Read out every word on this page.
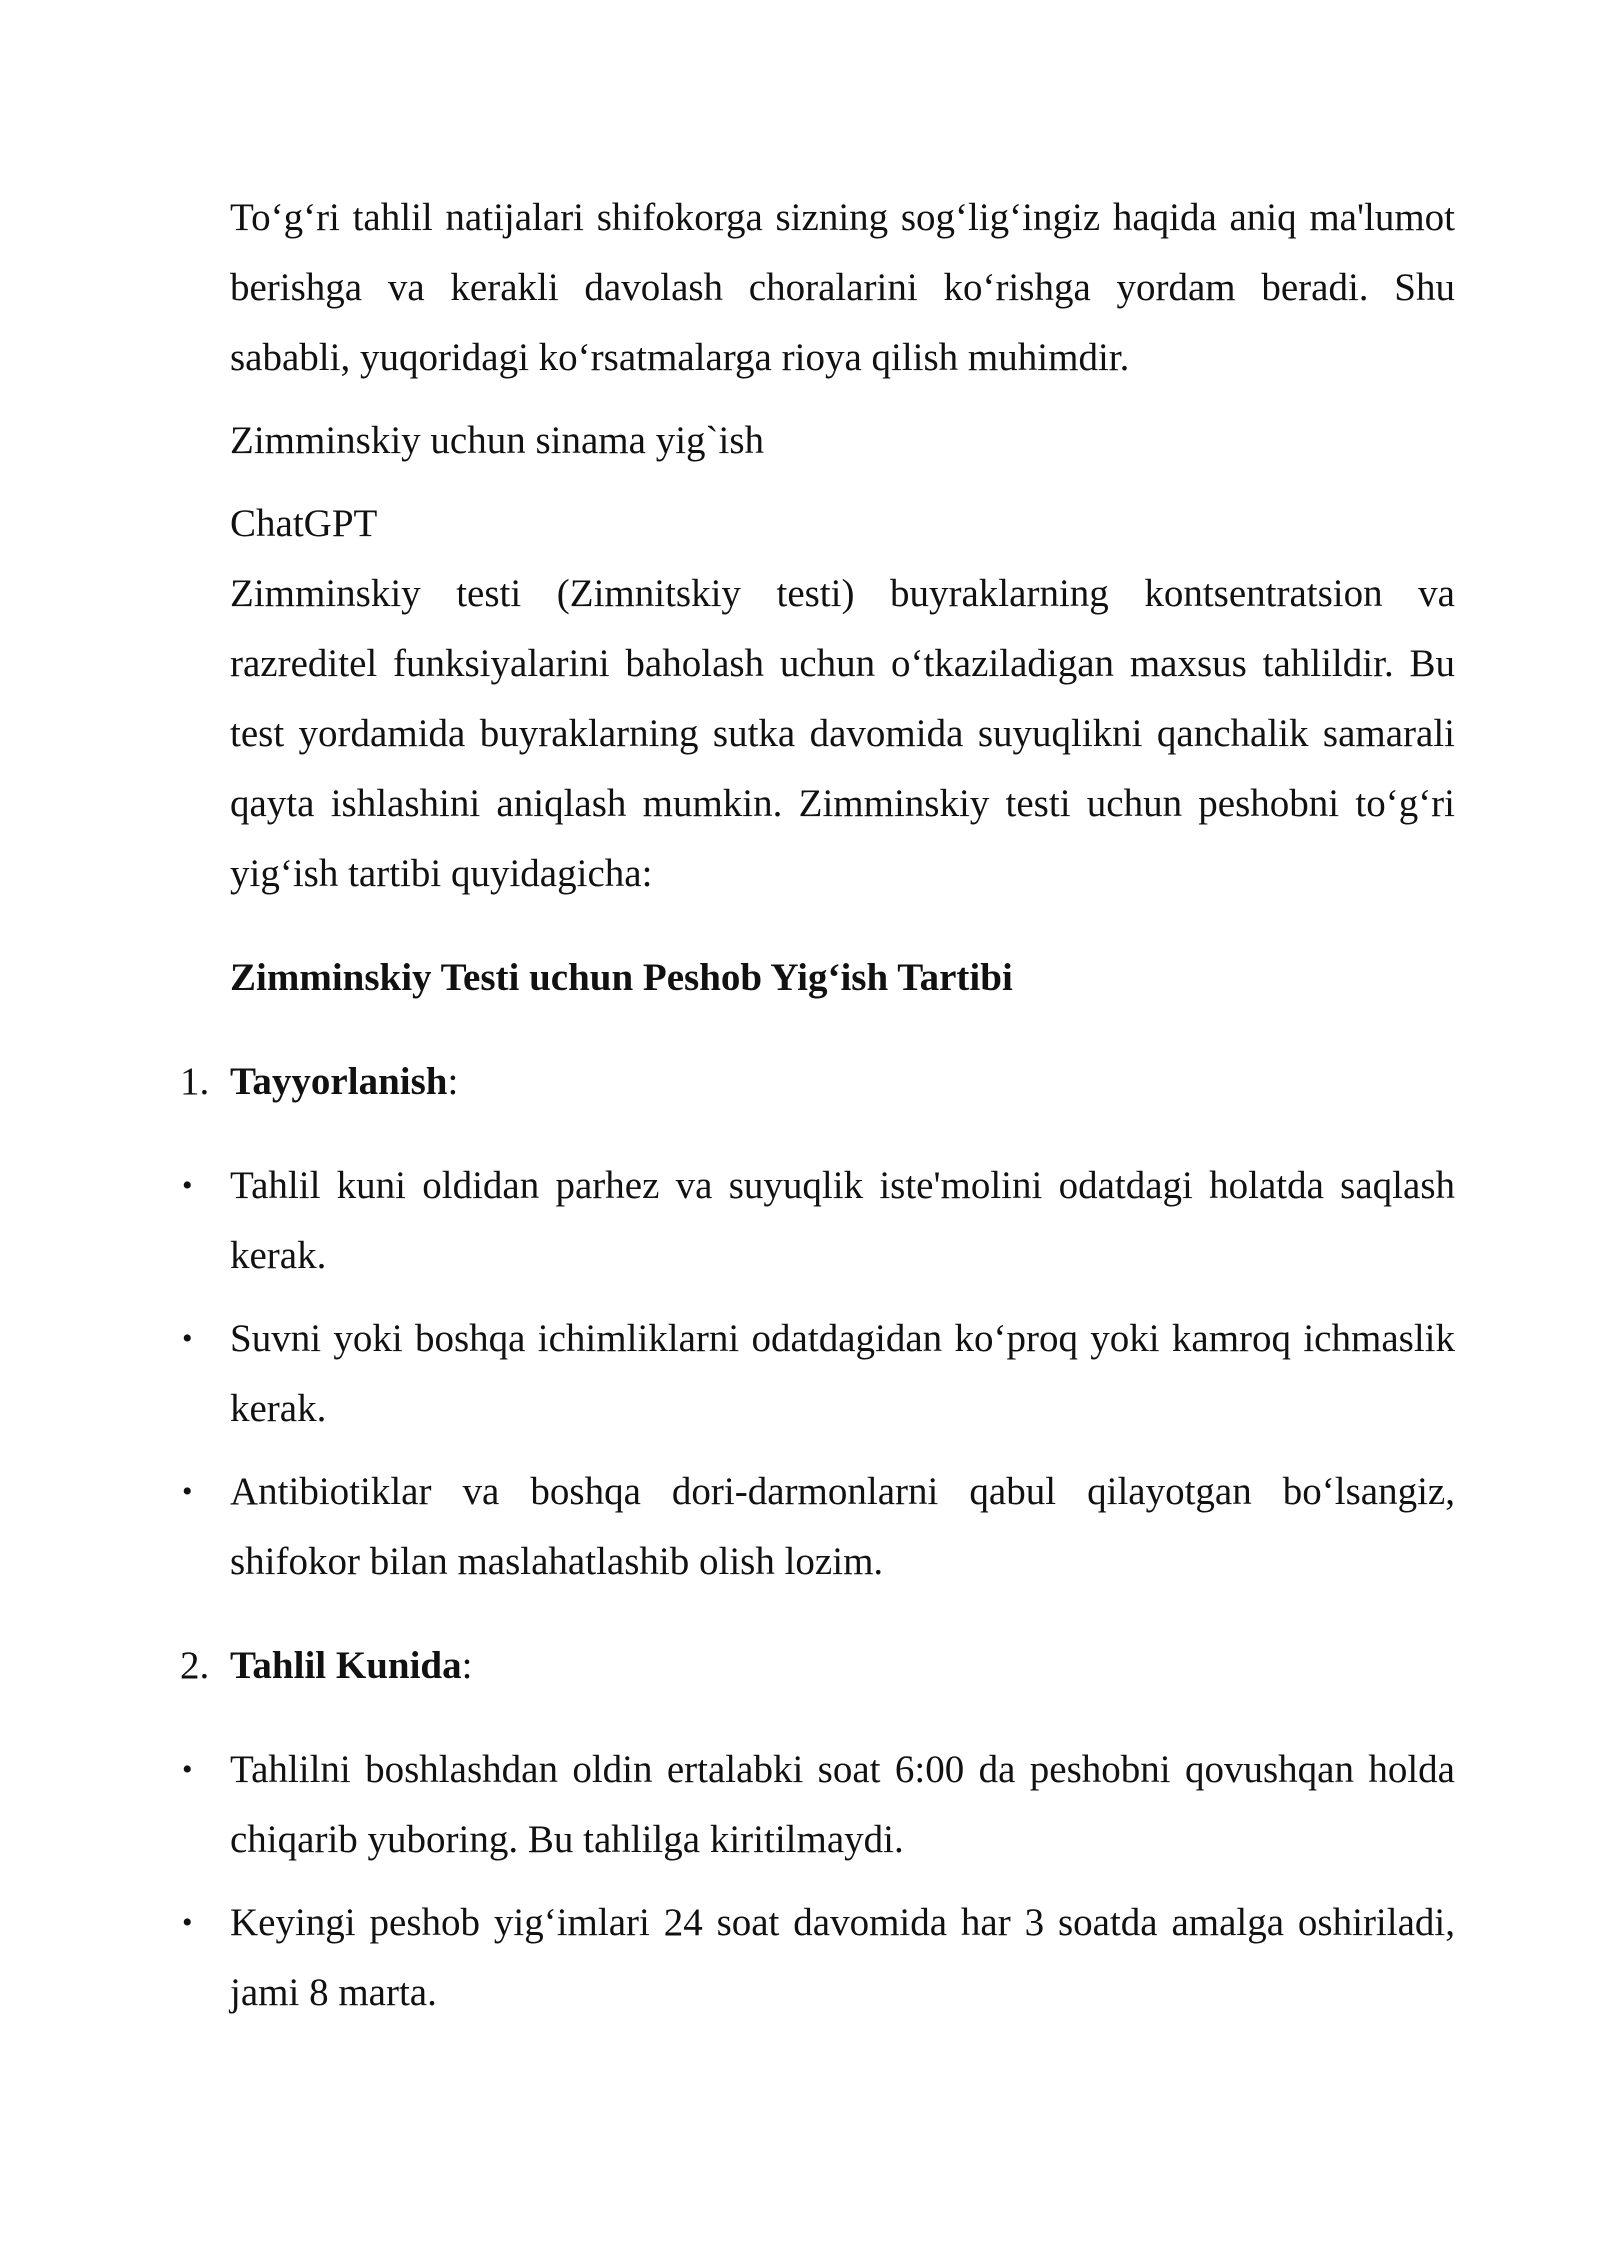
To‘g‘ri tahlil natijalari shifokorga sizning sog‘lig‘ingiz haqida aniq ma'lumot berishga va kerakli davolash choralarini ko‘rishga yordam beradi. Shu sababli, yuqoridagi ko‘rsatmalarga rioya qilish muhimdir.

Zimminskiy uchun sinama yig`ish

ChatGPT

Zimminskiy testi (Zimnitskiy testi) buyraklarning kontsentratsion va razreditel funksiyalarini baholash uchun o‘tkaziladigan maxsus tahlildir. Bu test yordamida buyraklarning sutka davomida suyuqlikni qanchalik samarali qayta ishlashini aniqlash mumkin. Zimminskiy testi uchun peshobni to‘g‘ri yig‘ish tartibi quyidagicha:

Zimminskiy Testi uchun Peshob Yig‘ish Tartibi

1. Tayyorlanish:

• Tahlil kuni oldidan parhez va suyuqlik iste'molini odatdagi holatda saqlash kerak.

• Suvni yoki boshqa ichimliklarni odatdagidan ko‘proq yoki kamroq ichmaslik kerak.

• Antibiotiklar va boshqa dori-darmonlarni qabul qilayotgan bo‘lsangiz, shifokor bilan maslahatlashib olish lozim.

2. Tahlil Kunida:

• Tahlilni boshlashdan oldin ertalabki soat 6:00 da peshobni qovushqan holda chiqarib yuboring. Bu tahlilga kiritilmaydi.

• Keyingi peshob yig‘imlari 24 soat davomida har 3 soatda amalga oshiriladi, jami 8 marta.
